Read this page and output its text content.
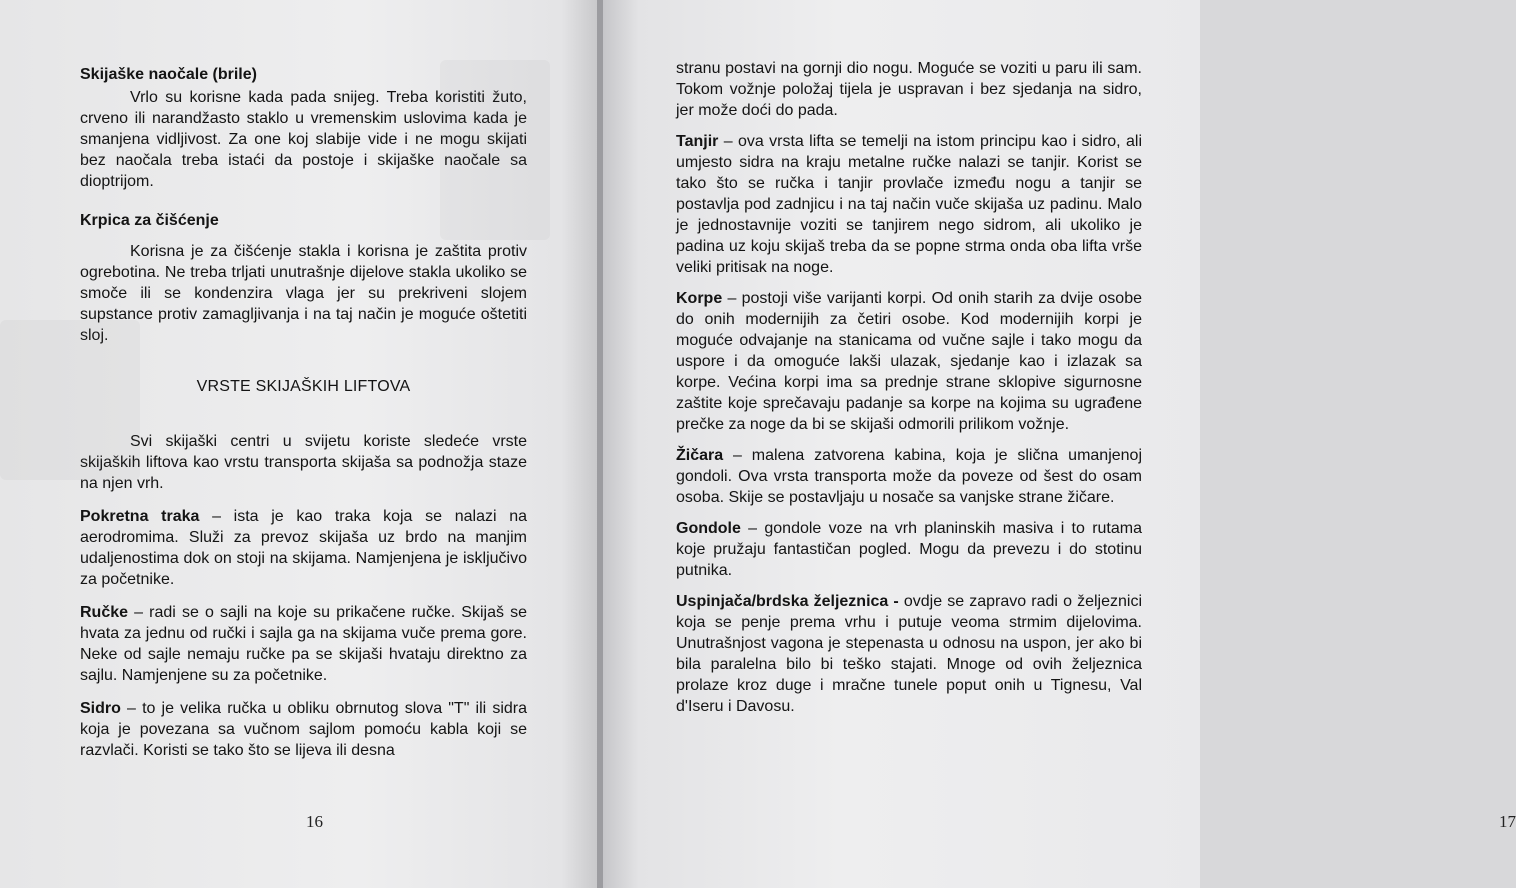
Skijaške naočale (brile)

Vrlo su korisne kada pada snijeg. Treba koristiti žuto, crveno ili narandžasto staklo u vremenskim uslovima kada je smanjena vidljivost. Za one koj slabije vide i ne mogu skijati bez naočala treba istaći da postoje i skijaške naočale sa dioptrijom.

Krpica za čišćenje

Korisna je za čišćenje stakla i korisna je zaštita protiv ogrebotina. Ne treba trljati unutrašnje dijelove stakla ukoliko se smoče ili se kondenzira vlaga jer su prekriveni slojem supstance protiv zamagljivanja i na taj način je moguće oštetiti sloj.

VRSTE SKIJAŠKIH LIFTOVA

Svi skijaški centri u svijetu koriste sledeće vrste skijaških liftova kao vrstu transporta skijaša sa podnožja staze na njen vrh.

Pokretna traka – ista je kao traka koja se nalazi na aerodromima. Služi za prevoz skijaša uz brdo na manjim udaljenostima dok on stoji na skijama. Namjenjena je isključivo za početnike.

Ručke – radi se o sajli na koje su prikačene ručke. Skijaš se hvata za jednu od ručki i sajla ga na skijama vuče prema gore. Neke od sajle nemaju ručke pa se skijaši hvataju direktno za sajlu. Namjenjene su za početnike.

Sidro – to je velika ručka u obliku obrnutog slova "T" ili sidra koja je povezana sa vučnom sajlom pomoću kabla koji se razvlači. Koristi se tako što se lijeva ili desna

16

stranu postavi na gornji dio nogu. Moguće se voziti u paru ili sam. Tokom vožnje položaj tijela je uspravan i bez sjedanja na sidro, jer može doći do pada.

Tanjir – ova vrsta lifta se temelji na istom principu kao i sidro, ali umjesto sidra na kraju metalne ručke nalazi se tanjir. Korist se tako što se ručka i tanjir provlače između nogu a tanjir se postavlja pod zadnjicu i na taj način vuče skijaša uz padinu. Malo je jednostavnije voziti se tanjirem nego sidrom, ali ukoliko je padina uz koju skijaš treba da se popne strma onda oba lifta vrše veliki pritisak na noge.

Korpe – postoji više varijanti korpi. Od onih starih za dvije osobe do onih modernijih za četiri osobe. Kod modernijih korpi je moguće odvajanje na stanicama od vučne sajle i tako mogu da uspore i da omoguće lakši ulazak, sjedanje kao i izlazak sa korpe. Većina korpi ima sa prednje strane sklopive sigurnosne zaštite koje sprečavaju padanje sa korpe na kojima su ugrađene prečke za noge da bi se skijaši odmorili prilikom vožnje.

Žičara – malena zatvorena kabina, koja je slična umanjenoj gondoli. Ova vrsta transporta može da poveze od šest do osam osoba. Skije se postavljaju u nosače sa vanjske strane žičare.

Gondole – gondole voze na vrh planinskih masiva i to rutama koje pružaju fantastičan pogled. Mogu da prevezu i do stotinu putnika.

Uspinjača/brdska željeznica - ovdje se zapravo radi o željeznici koja se penje prema vrhu i putuje veoma strmim dijelovima. Unutrašnjost vagona je stepenasta u odnosu na uspon, jer ako bi bila paralelna bilo bi teško stajati. Mnoge od ovih željeznica prolaze kroz duge i mračne tunele poput onih u Tignesu, Val d'Iseru i Davosu.

17
